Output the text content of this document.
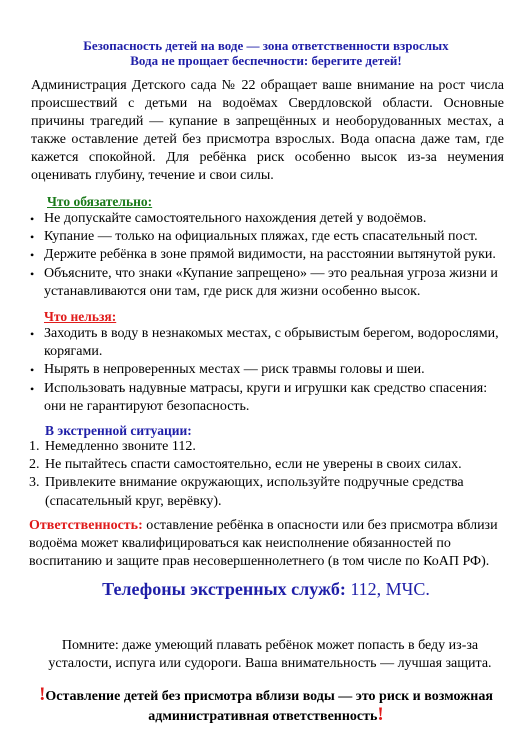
Безопасность детей на воде — зона ответственности взрослых
Вода не прощает беспечности: берегите детей!
Администрация Детского сада № 22 обращает ваше внимание на рост числа происшествий с детьми на водоёмах Свердловской области. Основные причины трагедий — купание в запрещённых и необорудованных местах, а также оставление детей без присмотра взрослых. Вода опасна даже там, где кажется спокойной. Для ребёнка риск особенно высок из-за неумения оценивать глубину, течение и свои силы.
Что обязательно:
• Не допускайте самостоятельного нахождения детей у водоёмов.
• Купание — только на официальных пляжах, где есть спасательный пост.
• Держите ребёнка в зоне прямой видимости, на расстоянии вытянутой руки.
• Объясните, что знаки «Купание запрещено» — это реальная угроза жизни и устанавливаются они там, где риск для жизни особенно высок.
Что нельзя:
• Заходить в воду в незнакомых местах, с обрывистым берегом, водорослями, корягами.
• Нырять в непроверенных местах — риск травмы головы и шеи.
• Использовать надувные матрасы, круги и игрушки как средство спасения: они не гарантируют безопасность.
В экстренной ситуации:
1. Немедленно звоните 112.
2. Не пытайтесь спасти самостоятельно, если не уверены в своих силах.
3. Привлеките внимание окружающих, используйте подручные средства (спасательный круг, верёвку).
Ответственность: оставление ребёнка в опасности или без присмотра вблизи водоёма может квалифицироваться как неисполнение обязанностей по воспитанию и защите прав несовершеннолетнего (в том числе по КоАП РФ).
Телефоны экстренных служб: 112, МЧС.
Помните: даже умеющий плавать ребёнок может попасть в беду из-за усталости, испуга или судороги. Ваша внимательность — лучшая защита.
!Оставление детей без присмотра вблизи воды — это риск и возможная административная ответственность!
